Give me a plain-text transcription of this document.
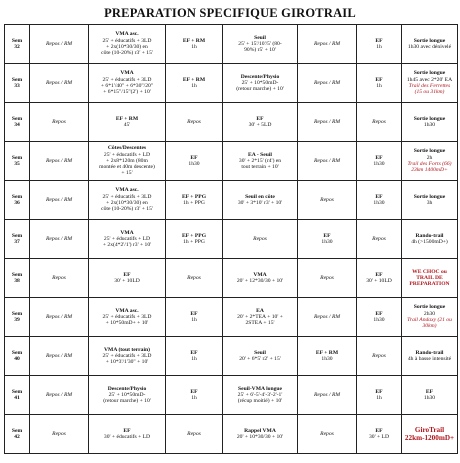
PREPARATION SPECIFIQUE GIROTRAIL
Sem
32	Repos / RM	VMA asc.
25' + éducatifs + 3LD
+ 2x(10*30/30) en
côte (10-20%) r3' + 15'	EF + RM
1h	Seuil
25' + 15'/10'/5' (80-
90%) r5' + 10'	Repos / RM	EF
1h	Sortie longue
1h30 avec dénivelé

Sem
33	Repos / RM	VMA
25' + éducatifs + 3LD
+ 6*1'/40" + 6*30"/20"
+ 6*15"/15"(2') + 10'	EF + RM
1h	Descente/Physio
25' + 10*50mD-
(retour marche) + 10'	Repos / RM	EF
1h	Sortie longue
1h45 avec 2*20' EA
Trail des Ferrettes
(15 ou 31km)

Sem
34	Repos	EF + RM
45'	Repos	EF
30' + 5LD	Repos / RM	Repos	Sortie longue
1h30

Sem
35	Repos / RM	Côtes/Descentes
25' + éducatifs + LD
+ 2x8*120m (80m
montée et 40m descente)
+ 15'	EF
1h30	EA - Seuil
30' + 2*15' (r4') en
tout terrain + 10'	Repos / RM	EF
1h30	Sortie longue
2h
Trail des Forts (66)
23km 1400mD+

Sem
36	Repos / RM	VMA asc.
25' + éducatifs + 3LD
+ 2x(10*30/30) en
côte (10-20%) r3' + 15'	EF + PPG
1h + PPG	Seuil en côte
30' + 3*10' r3' + 10'	Repos	EF
1h30	Sortie longue
3h

Sem
37	Repos / RM	VMA
25' + éducatifs + LD
+ 2x(4*2'/1') r3' + 10'	EF + PPG
1h + PPG	Repos	EF
1h30	Repos	Rando-trail
4h (>1500mD+)

Sem
38	Repos	EF
30' + 10LD	Repos	VMA
20' + 12*30/30 + 10'	Repos	EF
30' + 10LD	WE CHOC ou TRAIL DE
PREPARATION

Sem
39	Repos / RM	VMA asc.
25' + éducatifs + 3LD
+ 10*50mD+ + 10'	EF
1h	EA
20' + 2*TEA + 10' +
2STEA + 15'	Repos / RM	EF
1h30	Sortie longue
2h30
Trail Andaxy (21 ou 30km)

Sem
40	Repos / RM	VMA (tout terrain)
25' + éducatifs + 3LD
+ 10*3'/1'30" + 10'	EF
1h	Seuil
20' + 6*5' r2' + 15'	EF + RM
1h30	Repos	Rando-trail
4h à basse intensité

Sem
41	Repos / RM	Descente/Physio
25' + 10*50mD-
(retour marche) + 10'	EF
1h	Seuil-VMA longue
25' + 6'-5'-4'-3'-2'-1'
(récup moitié) + 10'	Repos / RM	EF
1h	EF
1h30

Sem
42	Repos	EF
30' + éducatifs + LD	Repos	Rappel VMA
20' + 10*30/30 + 10'	Repos	EF
30' + LD	GiroTrail
22km-1200mD+
